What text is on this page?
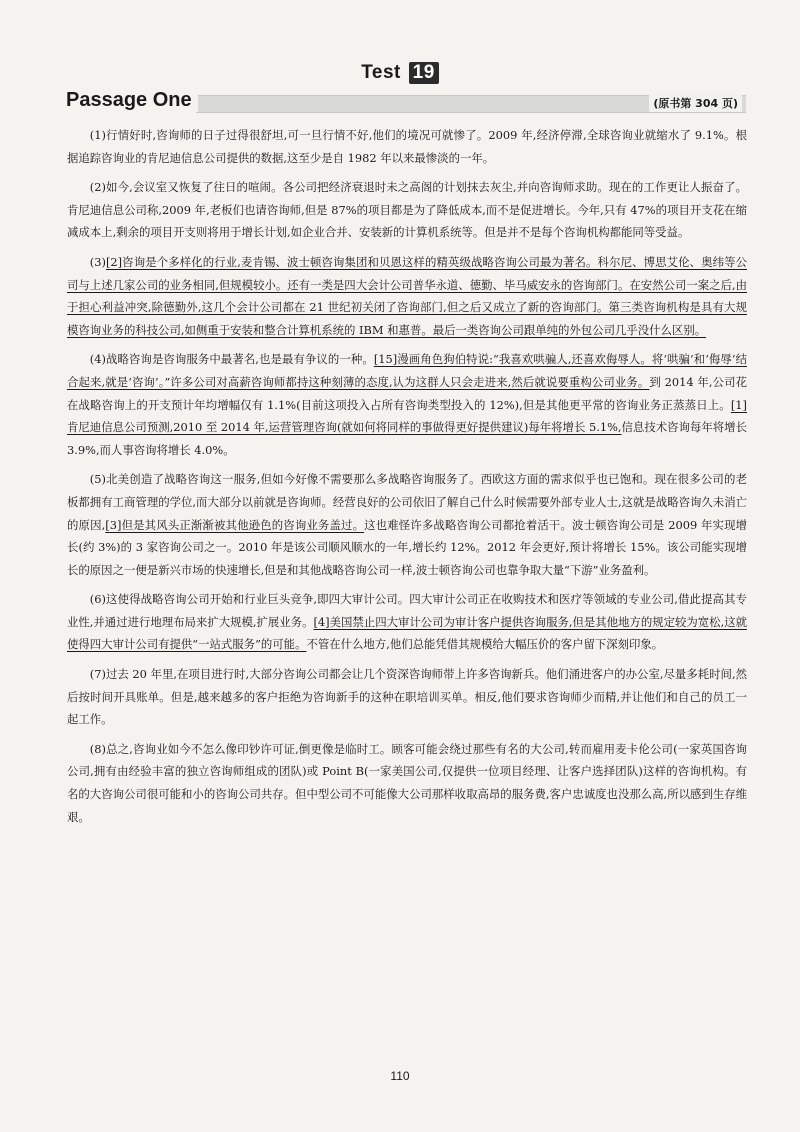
Test 19
Passage One	(原书第 304 页)

(1)行情好时,咨询师的日子过得很舒坦,可一旦行情不好,他们的境况可就惨了。2009 年,经济停滞,全球咨询业就缩水了 9.1%。根据追踪咨询业的肯尼迪信息公司提供的数据,这至少是自 1982 年以来最惨淡的一年。

(2)如今,会议室又恢复了往日的喧闹。各公司把经济衰退时未之高阁的计划抹去灰尘,并向咨询师求助。现在的工作更让人振奋了。肯尼迪信息公司称,2009 年,老板们也请咨询师,但是 87%的项目都是为了降低成本,而不是促进增长。今年,只有 47%的项目开支花在缩减成本上,剩余的项目开支则将用于增长计划,如企业合并、安装新的计算机系统等。但是并不是每个咨询机构都能同等受益。

(3)[2]咨询是个多样化的行业,麦肯锡、波士顿咨询集团和贝恩这样的精英级战略咨询公司最为著名。科尔尼、博思艾伦、奥纬等公司与上述几家公司的业务相同,但规模较小。还有一类是四大会计公司普华永道、德勤、毕马威安永的咨询部门。在安然公司一案之后,由于担心利益冲突,除德勤外,这几个会计公司都在 21 世纪初关闭了咨询部门,但之后又成立了新的咨询部门。第三类咨询机构是具有大规模咨询业务的科技公司,如侧重于安装和整合计算机系统的 IBM 和惠普。最后一类咨询公司跟单纯的外包公司几乎没什么区别。

(4)战略咨询是咨询服务中最著名,也是最有争议的一种。[15]漫画角色狗伯特说:“我喜欢哄骗人,还喜欢侮辱人。将‘哄骗’和‘侮辱’结合起来,就是‘咨询’。”许多公司对高薪咨询师都持这种刻薄的态度,认为这群人只会走进来,然后就说要重构公司业务。到 2014 年,公司花在战略咨询上的开支预计年均增幅仅有 1.1%(目前这项投入占所有咨询类型投入的 12%),但是其他更平常的咨询业务正蒸蒸日上。[1]肯尼迪信息公司预测,2010 至 2014 年,运营管理咨询(就如何将同样的事做得更好提供建议)每年将增长 5.1%,信息技术咨询每年将增长 3.9%,而人事咨询将增长 4.0%。

(5)北美创造了战略咨询这一服务,但如今好像不需要那么多战略咨询服务了。西欧这方面的需求似乎也已饱和。现在很多公司的老板都拥有工商管理的学位,而大部分以前就是咨询师。经营良好的公司依旧了解自己什么时候需要外部专业人士,这就是战略咨询久未消亡的原因,[3]但是其风头正渐渐被其他逊色的咨询业务盖过。这也难怪许多战略咨询公司都抢着活干。波士顿咨询公司是 2009 年实现增长(约 3%)的 3 家咨询公司之一。2010 年是该公司顺风顺水的一年,增长约 12%。2012 年会更好,预计将增长 15%。该公司能实现增长的原因之一便是新兴市场的快速增长,但是和其他战略咨询公司一样,波士顿咨询公司也靠争取大量“下游”业务盈利。

(6)这使得战略咨询公司开始和行业巨头竞争,即四大审计公司。四大审计公司正在收购技术和医疗等领域的专业公司,借此提高其专业性,并通过进行地理布局来扩大规模,扩展业务。[4]美国禁止四大审计公司为审计客户提供咨询服务,但是其他地方的规定较为宽松,这就使得四大审计公司有提供“一站式服务”的可能。不管在什么地方,他们总能凭借其规模给大幅压价的客户留下深刻印象。

(7)过去 20 年里,在项目进行时,大部分咨询公司都会让几个资深咨询师带上许多咨询新兵。他们涌进客户的办公室,尽量多耗时间,然后按时间开具账单。但是,越来越多的客户拒绝为咨询新手的这种在职培训买单。相反,他们要求咨询师少而精,并让他们和自己的员工一起工作。

(8)总之,咨询业如今不怎么像印钞许可证,倒更像是临时工。顾客可能会绕过那些有名的大公司,转而雇用麦卡伦公司(一家英国咨询公司,拥有由经验丰富的独立咨询师组成的团队)或 Point B(一家美国公司,仅提供一位项目经理、让客户选择团队)这样的咨询机构。有名的大咨询公司很可能和小的咨询公司共存。但中型公司不可能像大公司那样收取高昂的服务费,客户忠诚度也没那么高,所以感到生存维艰。

110
